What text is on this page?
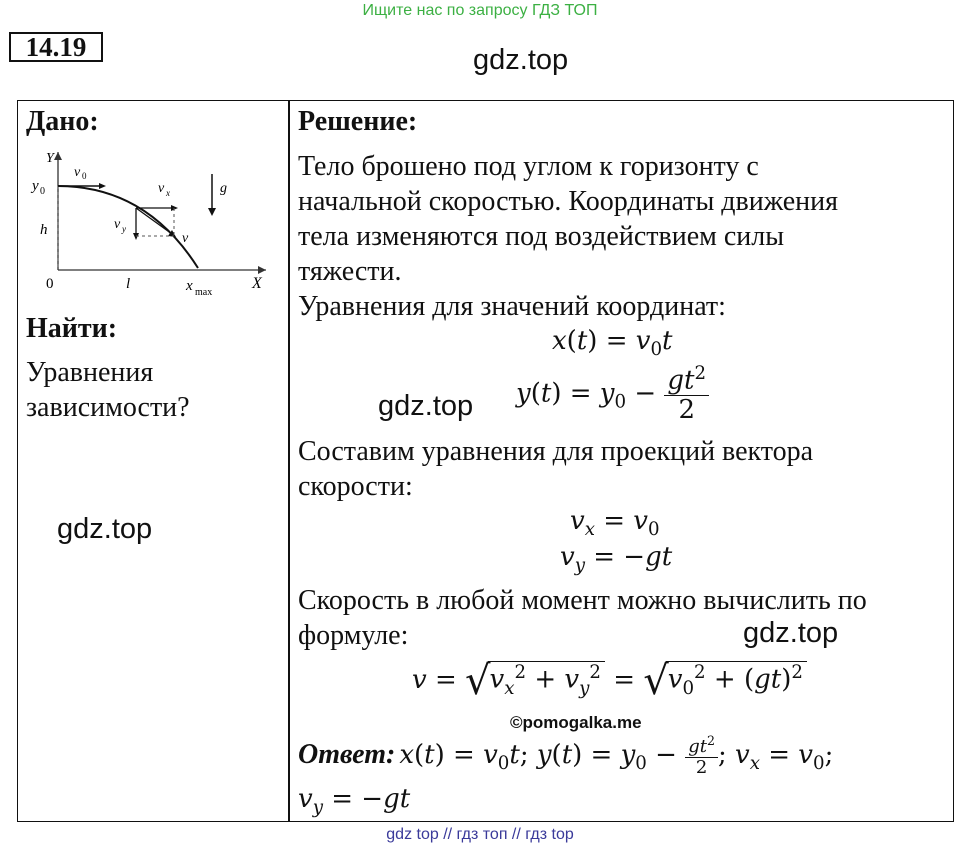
Ищите нас по запросу ГДЗ ТОП
14.19	gdz.top
Дано:
Y
X
y 0
h
0	l	x max
v 0
v x
v y
v
g
Найти:
Уравнения
зависимости?
gdz.top
Решение:
Тело брошено под углом к горизонту с
начальной скоростью. Координаты движения
тела изменяются под воздействием силы
тяжести.
Уравнения для значений координат:
$x(t) = v_0t$
$y(t) = y_0 - \frac{gt^2}{2}$
gdz.top
Составим уравнения для проекций вектора
скорости:
$v_x = v_0$
$v_y = -gt$
Скорость в любой момент можно вычислить по
формуле:	gdz.top
$v = √v_x^2 + v_y^2 = √v_0^2 + (gt)^2$
©pomogalka.me
Ответ: $x(t) = v_0t$; $y(t) = y_0 - \frac{gt^2}{2}$ ; $v_x = v_0$;
$v_y = -gt$
gdz top // гдз топ // гдз top
